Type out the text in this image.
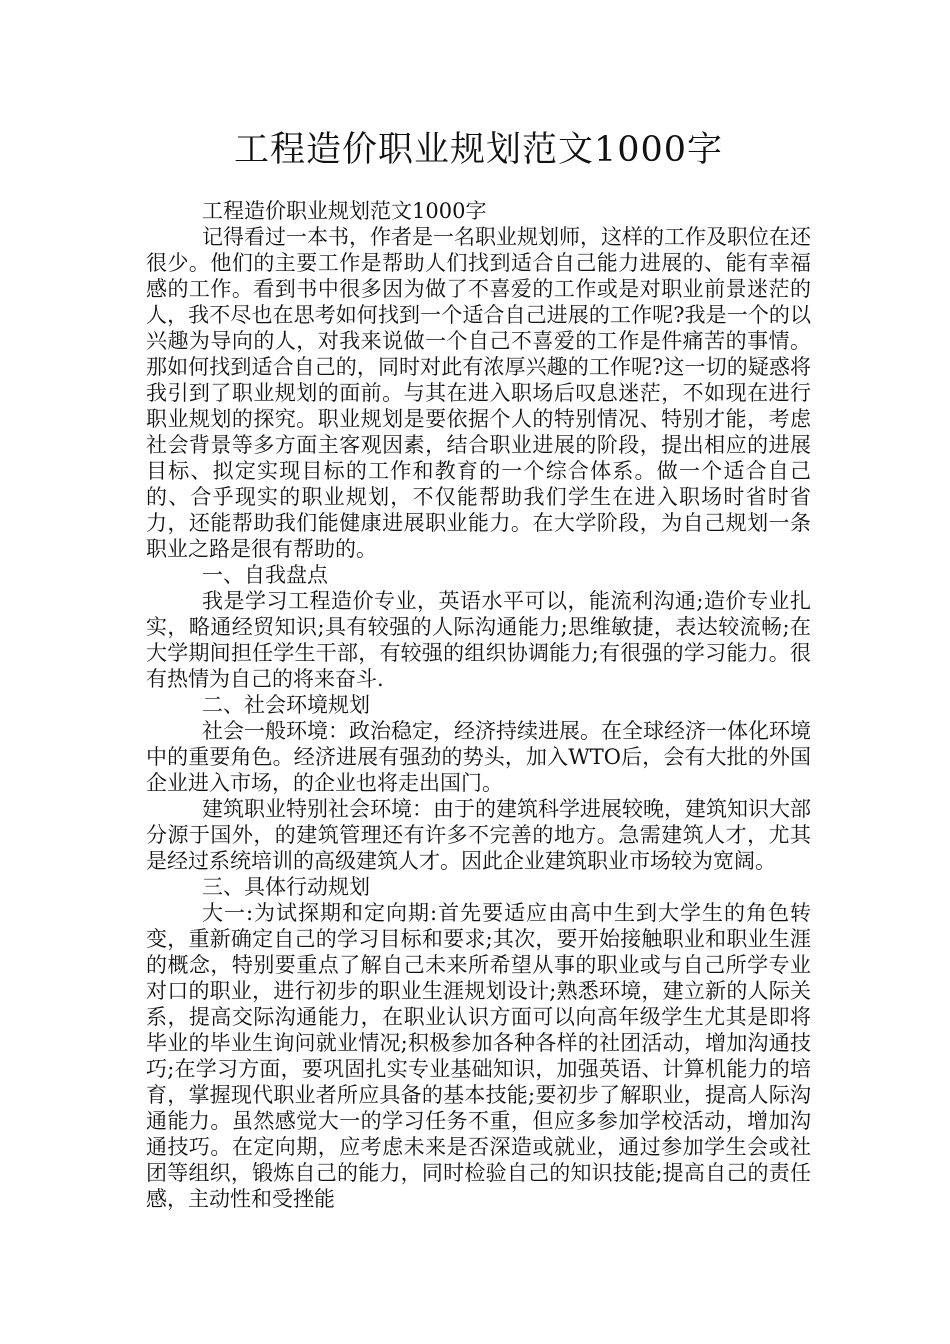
工程造价职业规划范文1000字

工程造价职业规划范文1000字

记得看过一本书，作者是一名职业规划师，这样的工作及职位在还很少。他们的主要工作是帮助人们找到适合自己能力进展的、能有幸福感的工作。看到书中很多因为做了不喜爱的工作或是对职业前景迷茫的人，我不尽也在思考如何找到一个适合自己进展的工作呢?我是一个的以兴趣为导向的人，对我来说做一个自己不喜爱的工作是件痛苦的事情。那如何找到适合自己的，同时对此有浓厚兴趣的工作呢?这一切的疑惑将我引到了职业规划的面前。与其在进入职场后叹息迷茫，不如现在进行职业规划的探究。职业规划是要依据个人的特别情况、特别才能，考虑社会背景等多方面主客观因素，结合职业进展的阶段，提出相应的进展目标、拟定实现目标的工作和教育的一个综合体系。做一个适合自己的、合乎现实的职业规划，不仅能帮助我们学生在进入职场时省时省力，还能帮助我们能健康进展职业能力。在大学阶段，为自己规划一条职业之路是很有帮助的。

一、自我盘点

我是学习工程造价专业，英语水平可以，能流利沟通;造价专业扎实，略通经贸知识;具有较强的人际沟通能力;思维敏捷，表达较流畅;在大学期间担任学生干部，有较强的组织协调能力;有很强的学习能力。很有热情为自己的将来奋斗.

二、社会环境规划

社会一般环境：政治稳定，经济持续进展。在全球经济一体化环境中的重要角色。经济进展有强劲的势头，加入WTO后，会有大批的外国企业进入市场，的企业也将走出国门。

建筑职业特别社会环境：由于的建筑科学进展较晚，建筑知识大部分源于国外，的建筑管理还有许多不完善的地方。急需建筑人才，尤其是经过系统培训的高级建筑人才。因此企业建筑职业市场较为宽阔。

三、具体行动规划

大一:为试探期和定向期:首先要适应由高中生到大学生的角色转变，重新确定自己的学习目标和要求;其次，要开始接触职业和职业生涯的概念，特别要重点了解自己未来所希望从事的职业或与自己所学专业对口的职业，进行初步的职业生涯规划设计;熟悉环境，建立新的人际关系，提高交际沟通能力，在职业认识方面可以向高年级学生尤其是即将毕业的毕业生询问就业情况;积极参加各种各样的社团活动，增加沟通技巧;在学习方面，要巩固扎实专业基础知识，加强英语、计算机能力的培育，掌握现代职业者所应具备的基本技能;要初步了解职业，提高人际沟通能力。虽然感觉大一的学习任务不重，但应多参加学校活动，增加沟通技巧。在定向期，应考虑未来是否深造或就业，通过参加学生会或社团等组织，锻炼自己的能力，同时检验自己的知识技能;提高自己的责任感，主动性和受挫能
